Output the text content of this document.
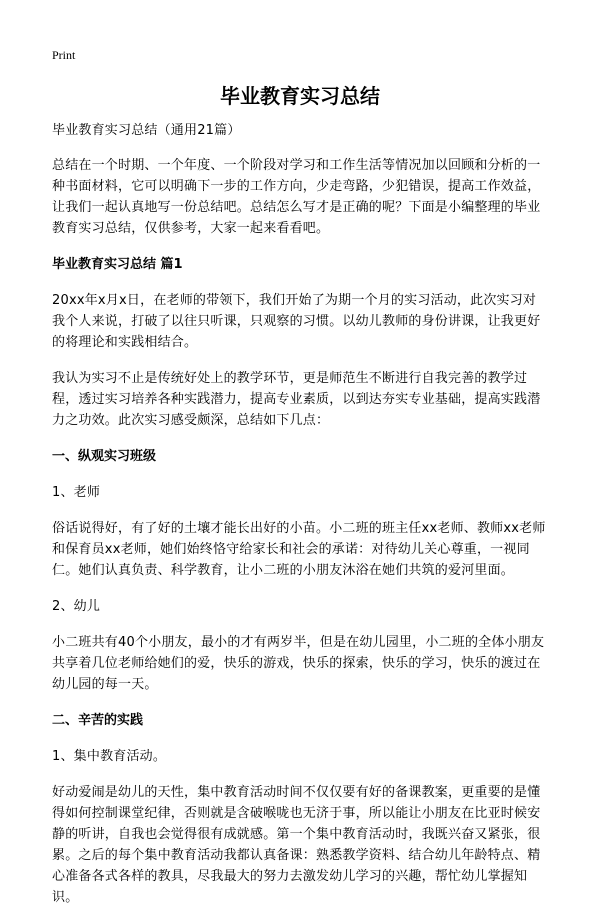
Print
毕业教育实习总结

毕业教育实习总结（通用21篇）

总结在一个时期、一个年度、一个阶段对学习和工作生活等情况加以回顾和分析的一种书面材料，它可以明确下一步的工作方向，少走弯路，少犯错误，提高工作效益，让我们一起认真地写一份总结吧。总结怎么写才是正确的呢？下面是小编整理的毕业教育实习总结，仅供参考，大家一起来看看吧。

毕业教育实习总结 篇1

20xx年x月x日，在老师的带领下，我们开始了为期一个月的实习活动，此次实习对我个人来说，打破了以往只听课，只观察的习惯。以幼儿教师的身份讲课，让我更好的将理论和实践相结合。

我认为实习不止是传统好处上的教学环节，更是师范生不断进行自我完善的教学过程，透过实习培养各种实践潜力，提高专业素质，以到达夯实专业基础，提高实践潜力之功效。此次实习感受颇深，总结如下几点：

一、纵观实习班级

1、老师

俗话说得好，有了好的土壤才能长出好的小苗。小二班的班主任xx老师、教师xx老师和保育员xx老师，她们始终恪守给家长和社会的承诺：对待幼儿关心尊重，一视同仁。她们认真负责、科学教育，让小二班的小朋友沐浴在她们共筑的爱河里面。

2、幼儿

小二班共有40个小朋友，最小的才有两岁半，但是在幼儿园里，小二班的全体小朋友共享着几位老师给她们的爱，快乐的游戏，快乐的探索，快乐的学习，快乐的渡过在幼儿园的每一天。

二、辛苦的实践

1、集中教育活动。

好动爱闹是幼儿的天性，集中教育活动时间不仅仅要有好的备课教案，更重要的是懂得如何控制课堂纪律，否则就是含破喉咙也无济于事，所以能让小朋友在比亚时候安静的听讲，自我也会觉得很有成就感。第一个集中教育活动时，我既兴奋又紧张，很累。之后的每个集中教育活动我都认真备课：熟悉教学资料、结合幼儿年龄特点、精心准备各式各样的教具，尽我最大的努力去激发幼儿学习的兴趣，帮忙幼儿掌握知识。
